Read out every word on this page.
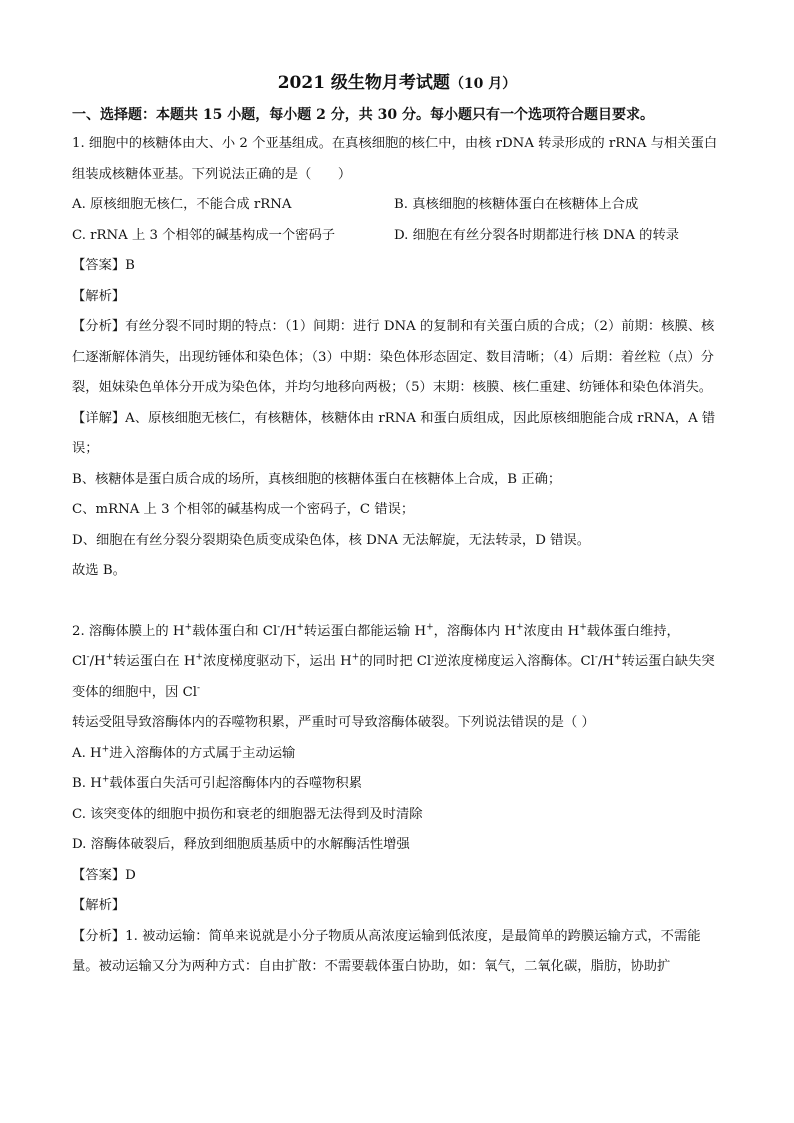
2021 级生物月考试题（10 月）
一、选择题：本题共 15 小题，每小题 2 分，共 30 分。每小题只有一个选项符合题目要求。

1. 细胞中的核糖体由大、小 2 个亚基组成。在真核细胞的核仁中，由核 rDNA 转录形成的 rRNA 与相关蛋白组装成核糖体亚基。下列说法正确的是（　　）

A. 原核细胞无核仁，不能合成 rRNA	B. 真核细胞的核糖体蛋白在核糖体上合成
C. rRNA 上 3 个相邻的碱基构成一个密码子	D. 细胞在有丝分裂各时期都进行核 DNA 的转录

【答案】B

【解析】

【分析】有丝分裂不同时期的特点：（1）间期：进行 DNA 的复制和有关蛋白质的合成；（2）前期：核膜、核仁逐渐解体消失，出现纺锤体和染色体；（3）中期：染色体形态固定、数目清晰；（4）后期：着丝粒（点）分裂，姐妹染色单体分开成为染色体，并均匀地移向两极；（5）末期：核膜、核仁重建、纺锤体和染色体消失。

【详解】A、原核细胞无核仁，有核糖体，核糖体由 rRNA 和蛋白质组成，因此原核细胞能合成 rRNA，A 错误；

B、核糖体是蛋白质合成的场所，真核细胞的核糖体蛋白在核糖体上合成，B 正确；

C、mRNA 上 3 个相邻的碱基构成一个密码子，C 错误；

D、细胞在有丝分裂分裂期染色质变成染色体，核 DNA 无法解旋，无法转录，D 错误。

故选 B。

2. 溶酶体膜上的 H+载体蛋白和 Cl-/H+转运蛋白都能运输 H+，溶酶体内 H+浓度由 H+载体蛋白维持，Cl-/H+转运蛋白在 H+浓度梯度驱动下，运出 H+的同时把 Cl-逆浓度梯度运入溶酶体。Cl-/H+转运蛋白缺失突变体的细胞中，因 Cl-转运受阻导致溶酶体内的吞噬物积累，严重时可导致溶酶体破裂。下列说法错误的是（ ）

A. H+进入溶酶体的方式属于主动运输

B. H+载体蛋白失活可引起溶酶体内的吞噬物积累

C. 该突变体的细胞中损伤和衰老的细胞器无法得到及时清除

D. 溶酶体破裂后，释放到细胞质基质中的水解酶活性增强

【答案】D

【解析】

【分析】1. 被动运输：简单来说就是小分子物质从高浓度运输到低浓度，是最简单的跨膜运输方式，不需能量。被动运输又分为两种方式：自由扩散：不需要载体蛋白协助，如：氧气，二氧化碳，脂肪，协助扩
